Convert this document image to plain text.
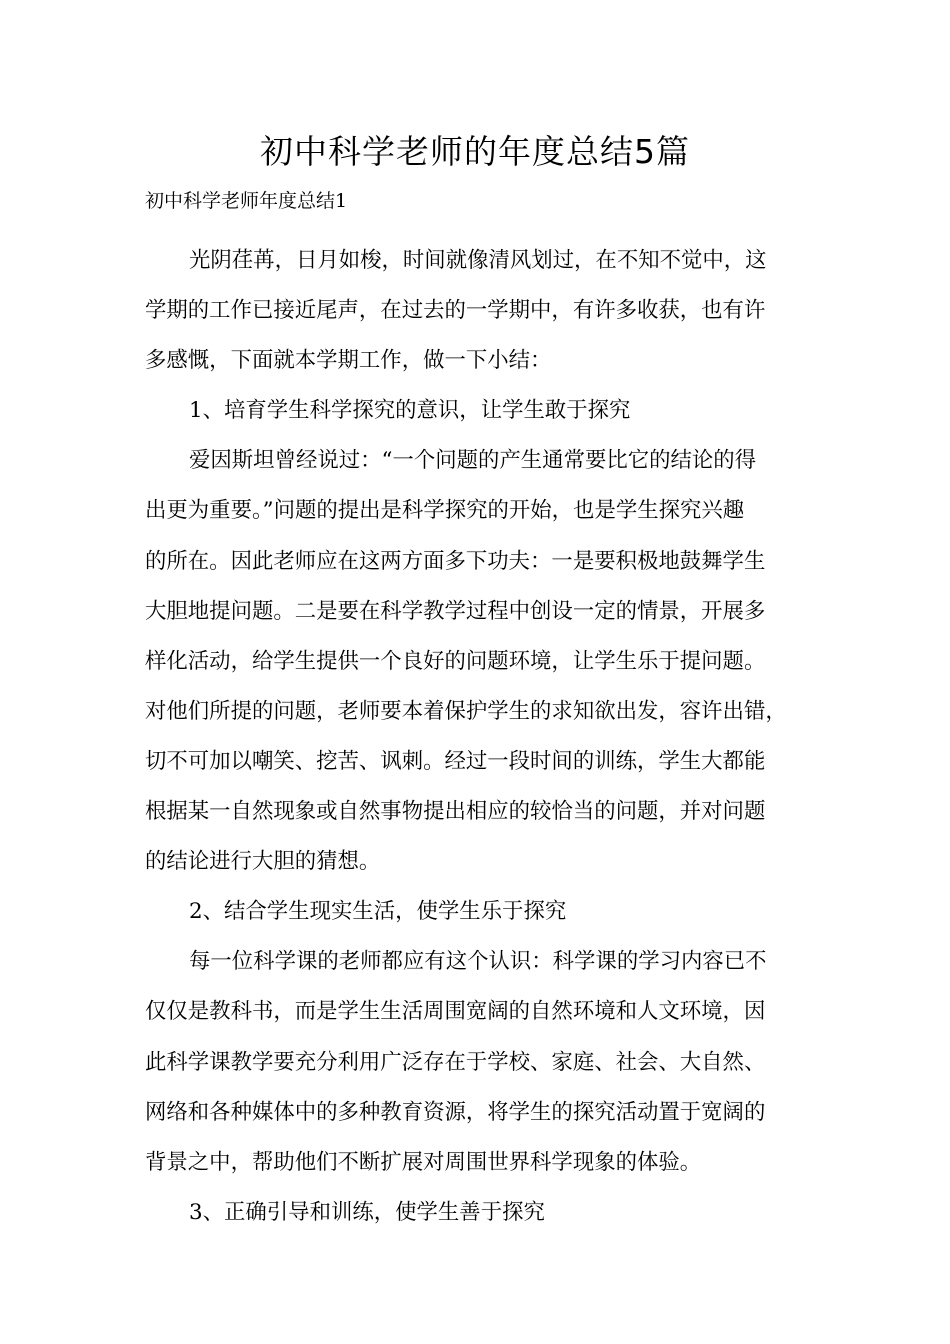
初中科学老师的年度总结5篇
初中科学老师年度总结1
光阴荏苒，日月如梭，时间就像清风划过，在不知不觉中，这
学期的工作已接近尾声，在过去的一学期中，有许多收获，也有许
多感慨，下面就本学期工作，做一下小结：
1、培育学生科学探究的意识，让学生敢于探究
爱因斯坦曾经说过：“一个问题的产生通常要比它的结论的得
出更为重要。”问题的提出是科学探究的开始，也是学生探究兴趣
的所在。因此老师应在这两方面多下功夫：一是要积极地鼓舞学生
大胆地提问题。二是要在科学教学过程中创设一定的情景，开展多
样化活动，给学生提供一个良好的问题环境，让学生乐于提问题。
对他们所提的问题，老师要本着保护学生的求知欲出发，容许出错，
切不可加以嘲笑、挖苦、讽刺。经过一段时间的训练，学生大都能
根据某一自然现象或自然事物提出相应的较恰当的问题，并对问题
的结论进行大胆的猜想。
2、结合学生现实生活，使学生乐于探究
每一位科学课的老师都应有这个认识：科学课的学习内容已不
仅仅是教科书，而是学生生活周围宽阔的自然环境和人文环境，因
此科学课教学要充分利用广泛存在于学校、家庭、社会、大自然、
网络和各种媒体中的多种教育资源，将学生的探究活动置于宽阔的
背景之中，帮助他们不断扩展对周围世界科学现象的体验。
3、正确引导和训练，使学生善于探究
